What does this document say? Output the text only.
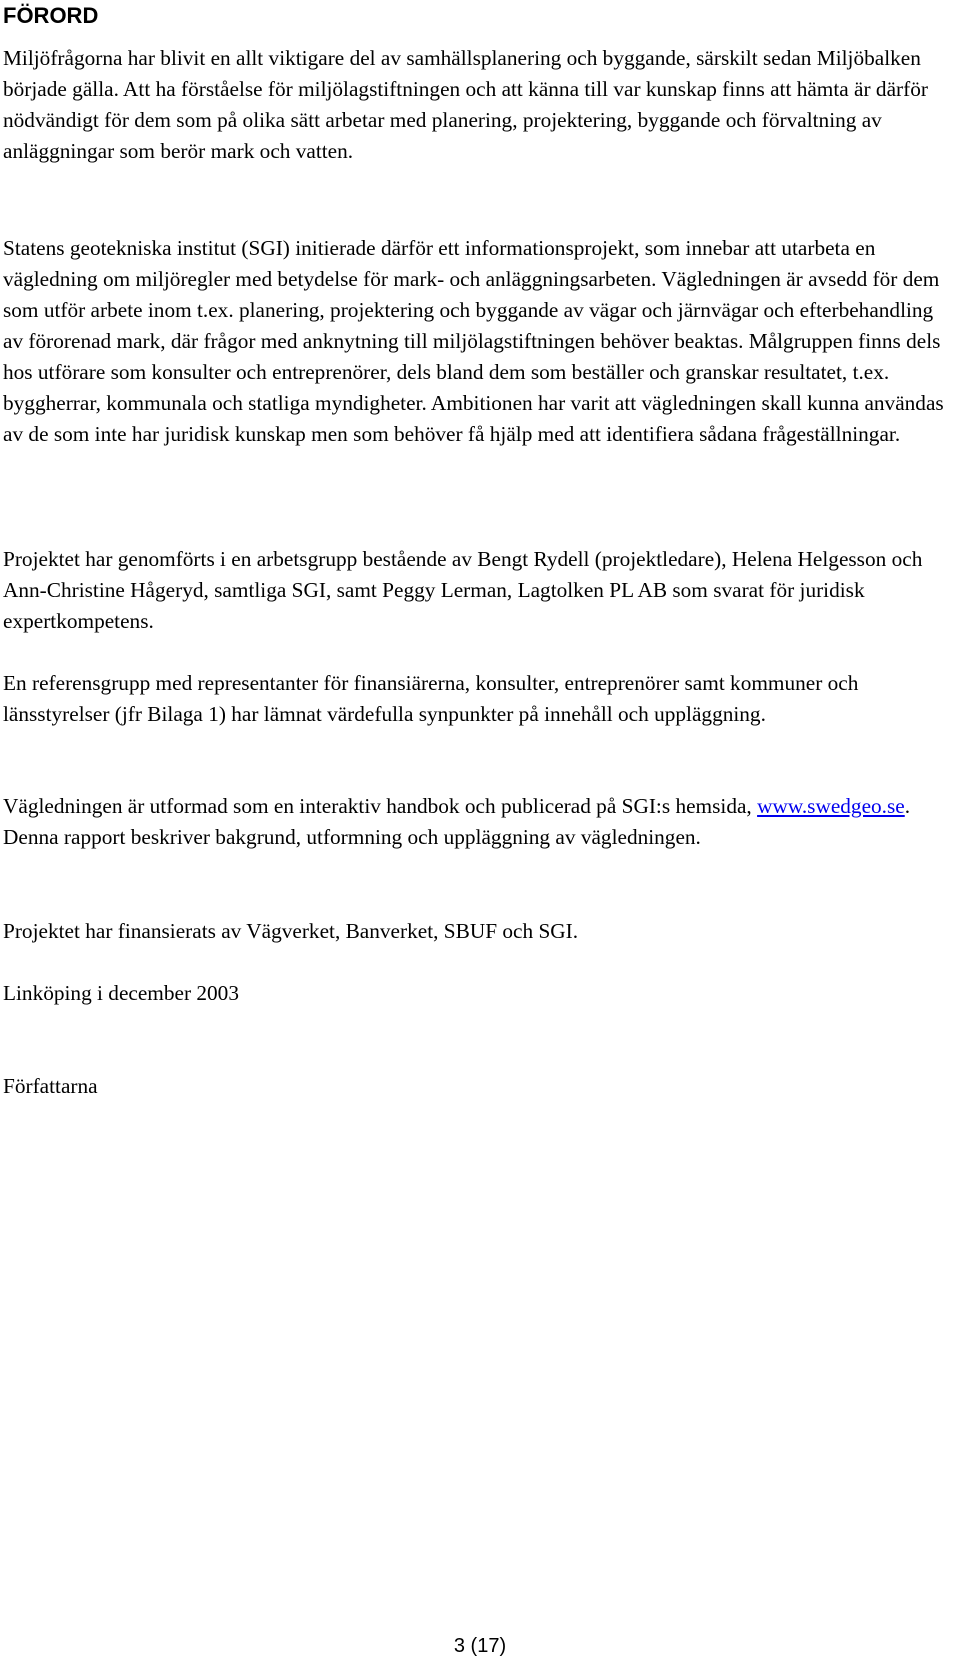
FÖRORD

Miljöfrågorna har blivit en allt viktigare del av samhällsplanering och byggande, särskilt sedan Miljöbalken började gälla. Att ha förståelse för miljölagstiftningen och att känna till var kunskap finns att hämta är därför nödvändigt för dem som på olika sätt arbetar med planering, projektering, byggande och förvaltning av anläggningar som berör mark och vatten.

Statens geotekniska institut (SGI) initierade därför ett informationsprojekt, som innebar att utarbeta en vägledning om miljöregler med betydelse för mark- och anläggningsarbeten. Vägledningen är avsedd för dem som utför arbete inom t.ex. planering, projektering och byggande av vägar och järnvägar och efterbehandling av förorenad mark, där frågor med anknytning till miljölagstiftningen behöver beaktas. Målgruppen finns dels hos utförare som konsulter och entreprenörer, dels bland dem som beställer och granskar resultatet, t.ex. byggherrar, kommunala och statliga myndigheter. Ambitionen har varit att vägledningen skall kunna användas av de som inte har juridisk kunskap men som behöver få hjälp med att identifiera sådana frågeställningar.

Projektet har genomförts i en arbetsgrupp bestående av Bengt Rydell (projektledare), Helena Helgesson och Ann-Christine Hågeryd, samtliga SGI, samt Peggy Lerman, Lagtolken PL AB som svarat för juridisk expertkompetens.

En referensgrupp med representanter för finansiärerna, konsulter, entreprenörer samt kommuner och länsstyrelser (jfr Bilaga 1) har lämnat värdefulla synpunkter på innehåll och uppläggning.

Vägledningen är utformad som en interaktiv handbok och publicerad på SGI:s hemsida, www.swedgeo.se. Denna rapport beskriver bakgrund, utformning och uppläggning av vägledningen.

Projektet har finansierats av Vägverket, Banverket, SBUF och SGI.

Linköping i december 2003

Författarna

3 (17)
